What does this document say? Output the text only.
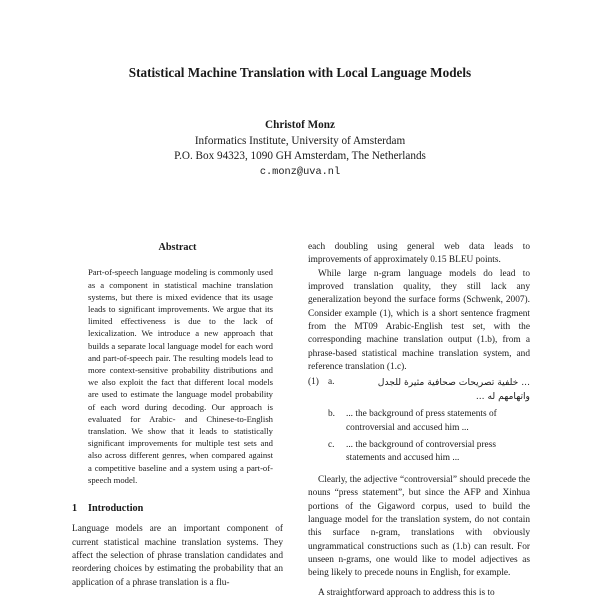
Statistical Machine Translation with Local Language Models
Christof Monz
Informatics Institute, University of Amsterdam
P.O. Box 94323, 1090 GH Amsterdam, The Netherlands
c.monz@uva.nl
Abstract

Part-of-speech language modeling is commonly used as a component in statistical machine translation systems, but there is mixed evidence that its usage leads to significant improvements. We argue that its limited effectiveness is due to the lack of lexicalization. We introduce a new approach that builds a separate local language model for each word and part-of-speech pair. The resulting models lead to more context-sensitive probability distributions and we also exploit the fact that different local models are used to estimate the language model probability of each word during decoding. Our approach is evaluated for Arabic- and Chinese-to-English translation. We show that it leads to statistically significant improvements for multiple test sets and also across different genres, when compared against a competitive baseline and a system using a part-of-speech model.

1 Introduction

Language models are an important component of current statistical machine translation systems. They affect the selection of phrase translation candidates and reordering choices by estimating the probability that an application of a phrase translation is a flu-

each doubling using general web data leads to improvements of approximately 0.15 BLEU points.

While large n-gram language models do lead to improved translation quality, they still lack any generalization beyond the surface forms (Schwenk, 2007). Consider example (1), which is a short sentence fragment from the MT09 Arabic-English test set, with the corresponding machine translation output (1.b), from a phrase-based statistical machine translation system, and reference translation (1.c).

(1) a.	... خلفية تصريحات صحافية مثيرة للجدل
واتهامهم له ...
b. ... the background of press statements of controversial and accused him ...
c. ... the background of controversial press statements and accused him ...

Clearly, the adjective “controversial” should precede the nouns “press statement”, but since the AFP and Xinhua portions of the Gigaword corpus, used to build the language model for the translation system, do not contain this surface n-gram, translations with obviously ungrammatical constructions such as (1.b) can result. For unseen n-grams, one would like to model adjectives as being likely to precede nouns in English, for example.

A straightforward approach to address this is to
